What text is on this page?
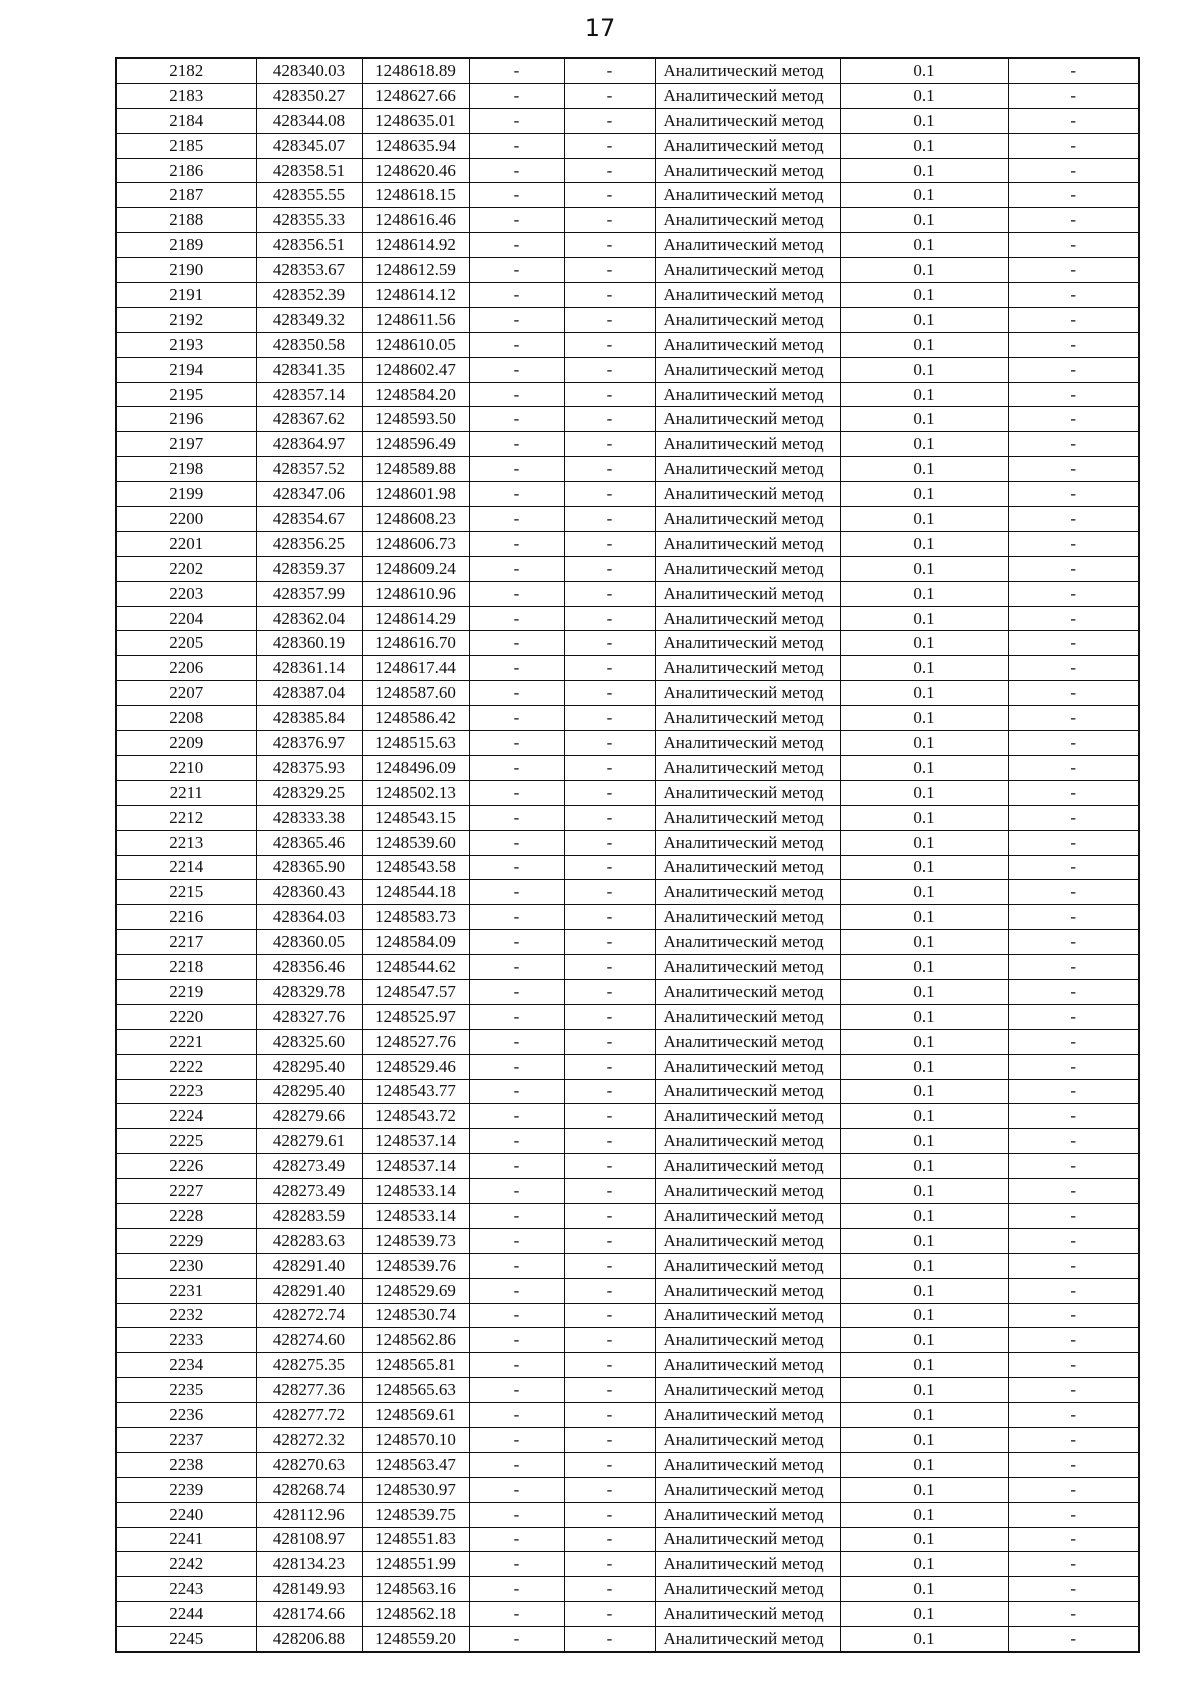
17
2182	428340.03	1248618.89	-	-	Аналитический метод	0.1	-
2183	428350.27	1248627.66	-	-	Аналитический метод	0.1	-
2184	428344.08	1248635.01	-	-	Аналитический метод	0.1	-
2185	428345.07	1248635.94	-	-	Аналитический метод	0.1	-
2186	428358.51	1248620.46	-	-	Аналитический метод	0.1	-
2187	428355.55	1248618.15	-	-	Аналитический метод	0.1	-
2188	428355.33	1248616.46	-	-	Аналитический метод	0.1	-
2189	428356.51	1248614.92	-	-	Аналитический метод	0.1	-
2190	428353.67	1248612.59	-	-	Аналитический метод	0.1	-
2191	428352.39	1248614.12	-	-	Аналитический метод	0.1	-
2192	428349.32	1248611.56	-	-	Аналитический метод	0.1	-
2193	428350.58	1248610.05	-	-	Аналитический метод	0.1	-
2194	428341.35	1248602.47	-	-	Аналитический метод	0.1	-
2195	428357.14	1248584.20	-	-	Аналитический метод	0.1	-
2196	428367.62	1248593.50	-	-	Аналитический метод	0.1	-
2197	428364.97	1248596.49	-	-	Аналитический метод	0.1	-
2198	428357.52	1248589.88	-	-	Аналитический метод	0.1	-
2199	428347.06	1248601.98	-	-	Аналитический метод	0.1	-
2200	428354.67	1248608.23	-	-	Аналитический метод	0.1	-
2201	428356.25	1248606.73	-	-	Аналитический метод	0.1	-
2202	428359.37	1248609.24	-	-	Аналитический метод	0.1	-
2203	428357.99	1248610.96	-	-	Аналитический метод	0.1	-
2204	428362.04	1248614.29	-	-	Аналитический метод	0.1	-
2205	428360.19	1248616.70	-	-	Аналитический метод	0.1	-
2206	428361.14	1248617.44	-	-	Аналитический метод	0.1	-
2207	428387.04	1248587.60	-	-	Аналитический метод	0.1	-
2208	428385.84	1248586.42	-	-	Аналитический метод	0.1	-
2209	428376.97	1248515.63	-	-	Аналитический метод	0.1	-
2210	428375.93	1248496.09	-	-	Аналитический метод	0.1	-
2211	428329.25	1248502.13	-	-	Аналитический метод	0.1	-
2212	428333.38	1248543.15	-	-	Аналитический метод	0.1	-
2213	428365.46	1248539.60	-	-	Аналитический метод	0.1	-
2214	428365.90	1248543.58	-	-	Аналитический метод	0.1	-
2215	428360.43	1248544.18	-	-	Аналитический метод	0.1	-
2216	428364.03	1248583.73	-	-	Аналитический метод	0.1	-
2217	428360.05	1248584.09	-	-	Аналитический метод	0.1	-
2218	428356.46	1248544.62	-	-	Аналитический метод	0.1	-
2219	428329.78	1248547.57	-	-	Аналитический метод	0.1	-
2220	428327.76	1248525.97	-	-	Аналитический метод	0.1	-
2221	428325.60	1248527.76	-	-	Аналитический метод	0.1	-
2222	428295.40	1248529.46	-	-	Аналитический метод	0.1	-
2223	428295.40	1248543.77	-	-	Аналитический метод	0.1	-
2224	428279.66	1248543.72	-	-	Аналитический метод	0.1	-
2225	428279.61	1248537.14	-	-	Аналитический метод	0.1	-
2226	428273.49	1248537.14	-	-	Аналитический метод	0.1	-
2227	428273.49	1248533.14	-	-	Аналитический метод	0.1	-
2228	428283.59	1248533.14	-	-	Аналитический метод	0.1	-
2229	428283.63	1248539.73	-	-	Аналитический метод	0.1	-
2230	428291.40	1248539.76	-	-	Аналитический метод	0.1	-
2231	428291.40	1248529.69	-	-	Аналитический метод	0.1	-
2232	428272.74	1248530.74	-	-	Аналитический метод	0.1	-
2233	428274.60	1248562.86	-	-	Аналитический метод	0.1	-
2234	428275.35	1248565.81	-	-	Аналитический метод	0.1	-
2235	428277.36	1248565.63	-	-	Аналитический метод	0.1	-
2236	428277.72	1248569.61	-	-	Аналитический метод	0.1	-
2237	428272.32	1248570.10	-	-	Аналитический метод	0.1	-
2238	428270.63	1248563.47	-	-	Аналитический метод	0.1	-
2239	428268.74	1248530.97	-	-	Аналитический метод	0.1	-
2240	428112.96	1248539.75	-	-	Аналитический метод	0.1	-
2241	428108.97	1248551.83	-	-	Аналитический метод	0.1	-
2242	428134.23	1248551.99	-	-	Аналитический метод	0.1	-
2243	428149.93	1248563.16	-	-	Аналитический метод	0.1	-
2244	428174.66	1248562.18	-	-	Аналитический метод	0.1	-
2245	428206.88	1248559.20	-	-	Аналитический метод	0.1	-
